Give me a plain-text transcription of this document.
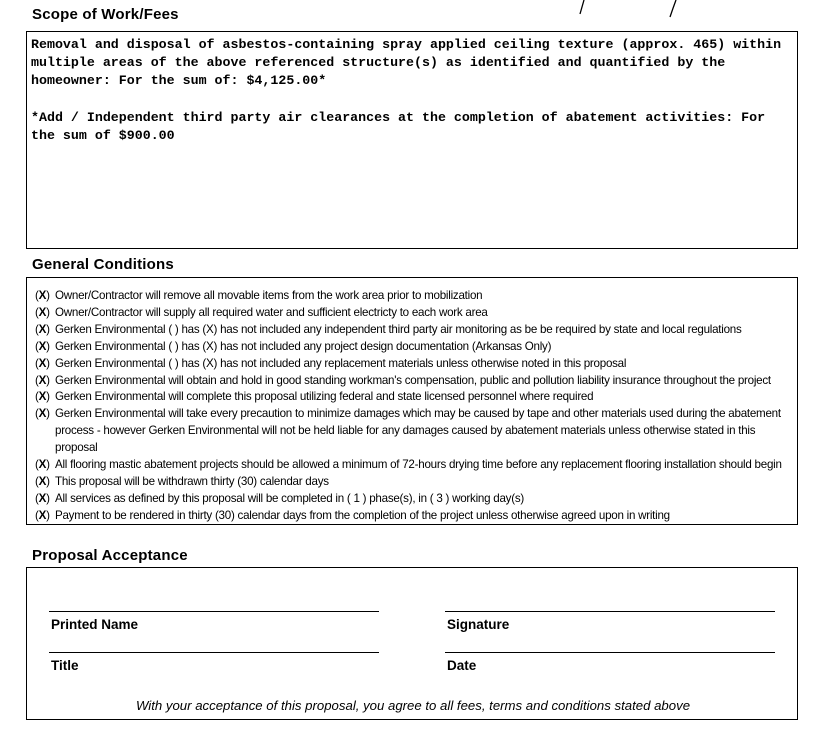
Scope of Work/Fees

Removal and disposal of asbestos-containing spray applied ceiling texture (approx. 465) within multiple areas of the above referenced structure(s) as identified and quantified by the homeowner: For the sum of: $4,125.00*

*Add / Independent third party air clearances at the completion of abatement activities: For the sum of $900.00

General Conditions
(X) Owner/Contractor will remove all movable items from the work area prior to mobilization
(X) Owner/Contractor will supply all required water and sufficient electricty to each work area
(X) Gerken Environmental ( ) has (X) has not included any independent third party air monitoring as be be required by state and local regulations
(X) Gerken Environmental ( ) has (X) has not included any project design documentation (Arkansas Only)
(X) Gerken Environmental ( ) has (X) has not included any replacement materials unless otherwise noted in this proposal
(X) Gerken Environmental will obtain and hold in good standing workman's compensation, public and pollution liability insurance throughout the project
(X) Gerken Environmental will complete this proposal utilizing federal and state licensed personnel where required
(X) Gerken Environmental will take every precaution to minimize damages which may be caused by tape and other materials used during the abatement process - however Gerken Environmental will not be held liable for any damages caused by abatement materials unless otherwise stated in this proposal
(X) All flooring mastic abatement projects should be allowed a minimum of 72-hours drying time before any replacement flooring installation should begin
(X) This proposal will be withdrawn thirty (30) calendar days
(X) All services as defined by this proposal will be completed in ( 1 ) phase(s), in ( 3 ) working day(s)
(X) Payment to be rendered in thirty (30) calendar days from the completion of the project unless otherwise agreed upon in writing
Proposal Acceptance
Printed Name	Signature
Title	Date
With your acceptance of this proposal, you agree to all fees, terms and conditions stated above
